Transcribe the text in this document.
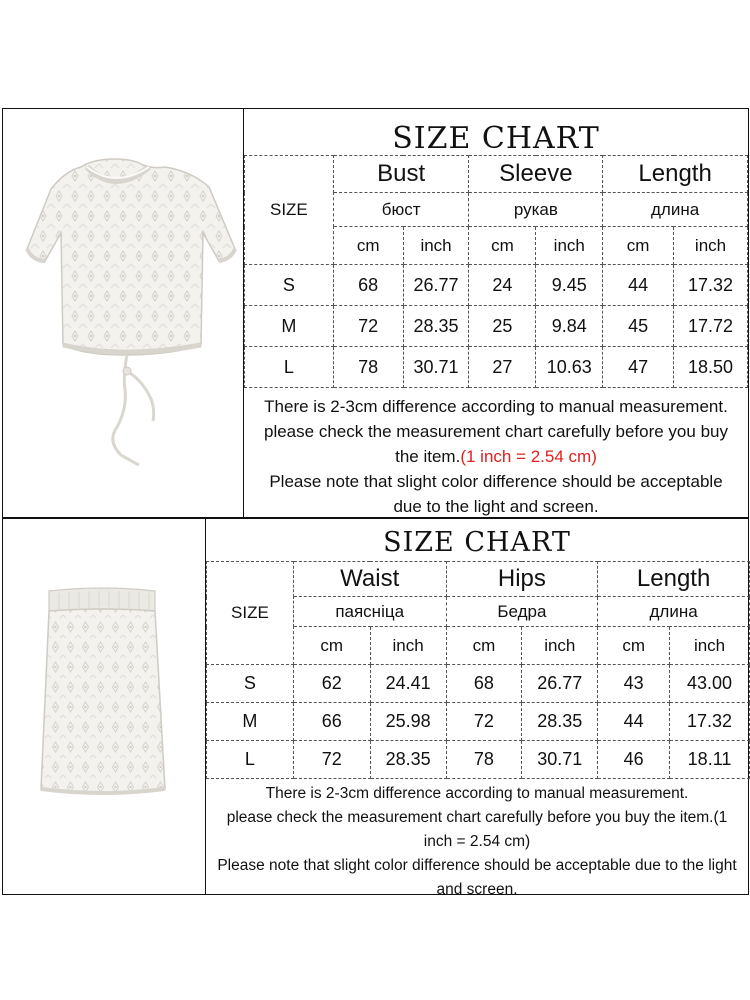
SIZE CHART
SIZE	Bust		Sleeve		Length	
	бюст		рукав		длина	
	cm	inch	cm	inch	cm	inch
S	68	26.77	24	9.45	44	17.32
M	72	28.35	25	9.84	45	17.72
L	78	30.71	27	10.63	47	18.50
There is 2-3cm difference according to manual measurement.
please check the measurement chart carefully before you buy
the item.(1 inch = 2.54 cm)
Please note that slight color difference should be acceptable
due to the light and screen.
SIZE CHART
SIZE	Waist		Hips		Length	
	паясніца		Бедра		длина	
	cm	inch	cm	inch	cm	inch
S	62	24.41	68	26.77	43	43.00
M	66	25.98	72	28.35	44	17.32
L	72	28.35	78	30.71	46	18.11
There is 2-3cm difference according to manual measurement.
please check the measurement chart carefully before you buy the item.(1
inch = 2.54 cm)
Please note that slight color difference should be acceptable due to the light
and screen.
